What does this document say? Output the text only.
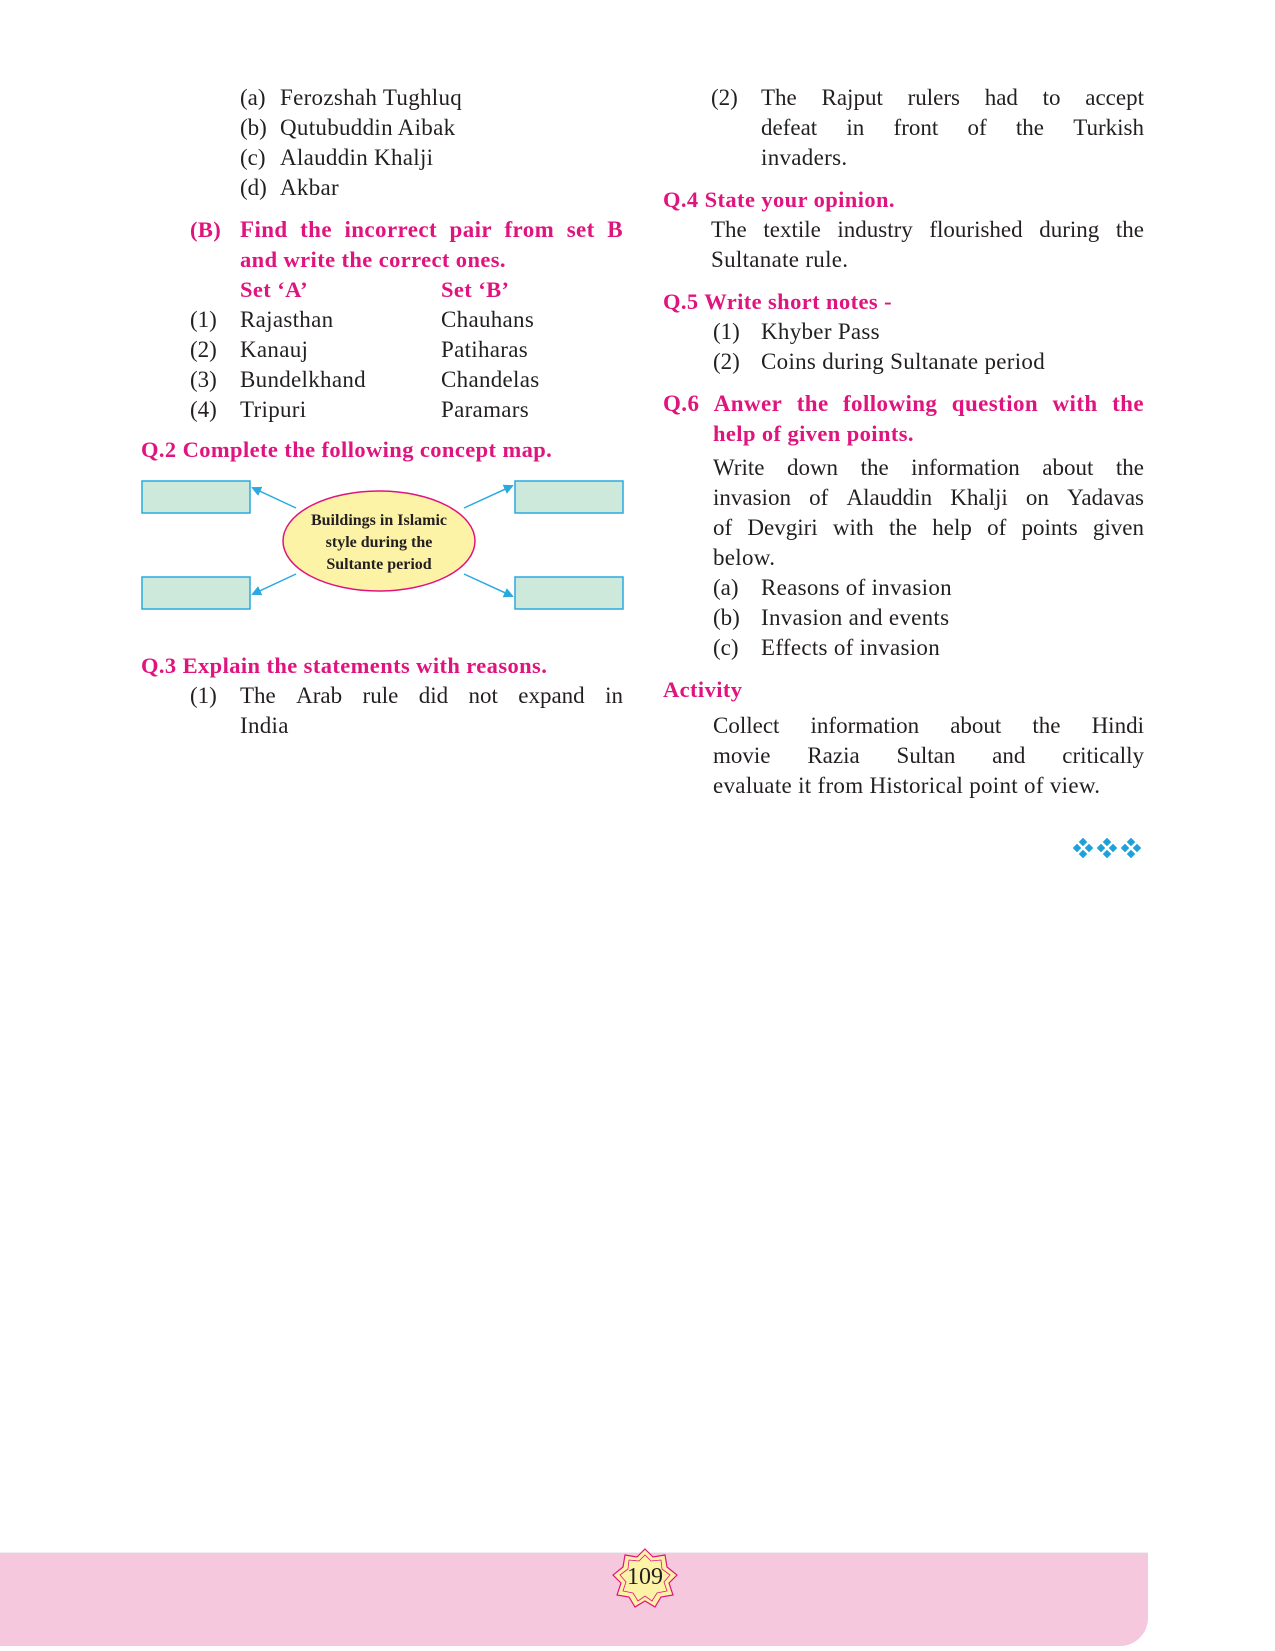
(a) Ferozshah Tughluq
(b) Qutubuddin Aibak
(c) Alauddin Khalji
(d) Akbar
(B) Find the incorrect pair from set B
and write the correct ones.
Set ‘A’	Set ‘B’
(1) Rajasthan	Chauhans
(2) Kanauj	Patiharas
(3) Bundelkhand	Chandelas
(4) Tripuri	Paramars
Q.2 Complete the following concept map.
Buildings in Islamic
style during the
Sultante period
Q.3 Explain the statements with reasons.
(1) The Arab rule did not expand in
India
(2) The Rajput rulers had to accept
defeat in front of the Turkish
invaders.
Q.4 State your opinion.
The textile industry flourished during the
Sultanate rule.
Q.5 Write short notes -
(1) Khyber Pass
(2) Coins during Sultanate period
Q.6 Anwer the following question with the
help of given points.
Write down the information about the
invasion of Alauddin Khalji on Yadavas
of Devgiri with the help of points given
below.
(a) Reasons of invasion
(b) Invasion and events
(c) Effects of invasion
Activity
Collect information about the Hindi
movie Razia Sultan and critically
evaluate it from Historical point of view.
109
